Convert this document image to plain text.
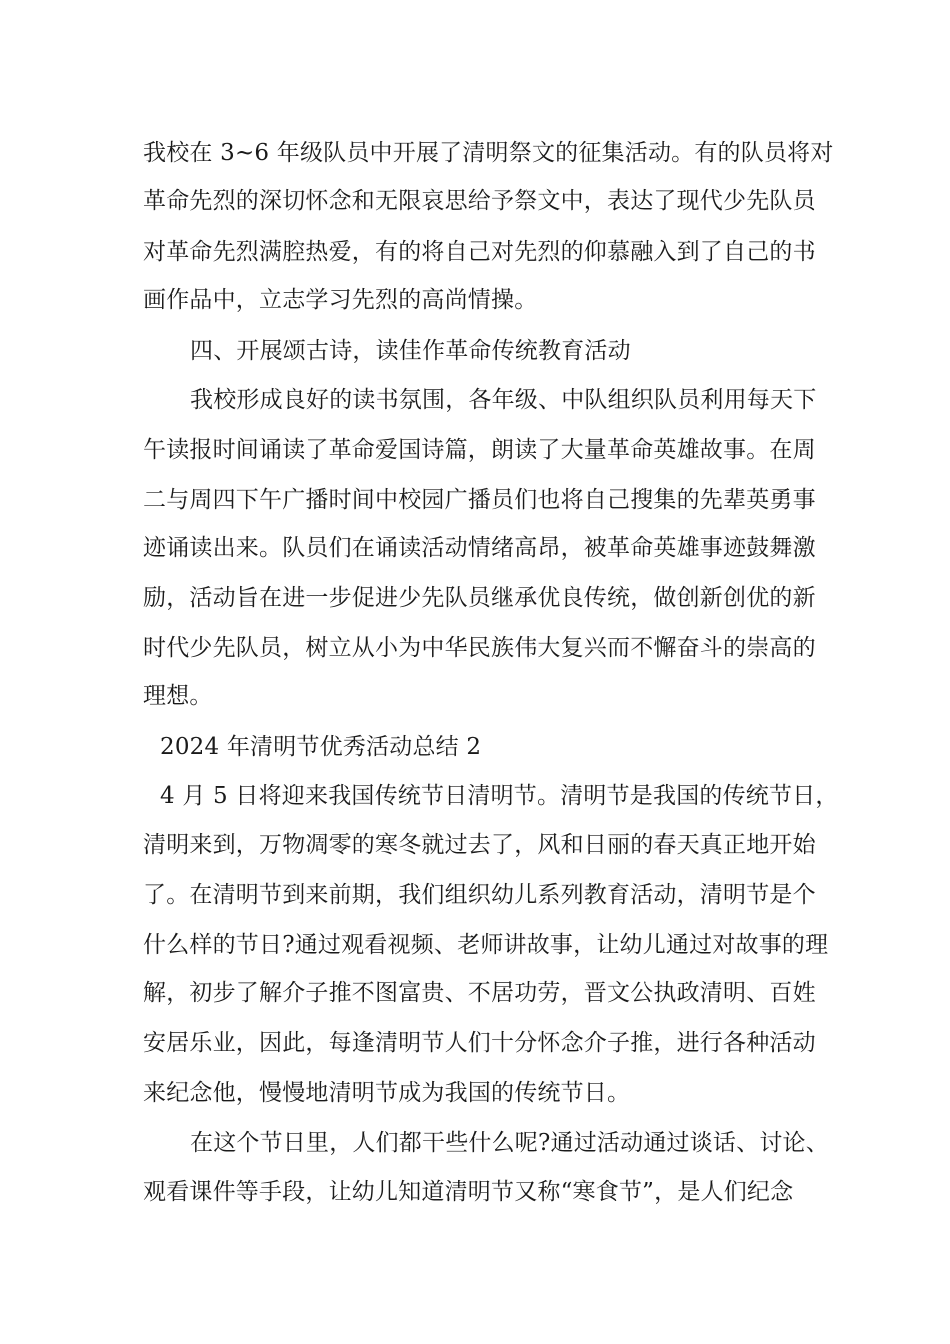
我校在 3~6 年级队员中开展了清明祭文的征集活动。有的队员将对
革命先烈的深切怀念和无限哀思给予祭文中，表达了现代少先队员
对革命先烈满腔热爱，有的将自己对先烈的仰慕融入到了自己的书
画作品中，立志学习先烈的高尚情操。
四、开展颂古诗，读佳作革命传统教育活动
我校形成良好的读书氛围，各年级、中队组织队员利用每天下
午读报时间诵读了革命爱国诗篇，朗读了大量革命英雄故事。在周
二与周四下午广播时间中校园广播员们也将自己搜集的先辈英勇事
迹诵读出来。队员们在诵读活动情绪高昂，被革命英雄事迹鼓舞激
励，活动旨在进一步促进少先队员继承优良传统，做创新创优的新
时代少先队员，树立从小为中华民族伟大复兴而不懈奋斗的崇高的
理想。
2024 年清明节优秀活动总结 2
4 月 5 日将迎来我国传统节日清明节。清明节是我国的传统节日，
清明来到，万物凋零的寒冬就过去了，风和日丽的春天真正地开始
了。在清明节到来前期，我们组织幼儿系列教育活动，清明节是个
什么样的节日?通过观看视频、老师讲故事，让幼儿通过对故事的理
解，初步了解介子推不图富贵、不居功劳，晋文公执政清明、百姓
安居乐业，因此，每逢清明节人们十分怀念介子推，进行各种活动
来纪念他，慢慢地清明节成为我国的传统节日。
在这个节日里，人们都干些什么呢?通过活动通过谈话、讨论、
观看课件等手段，让幼儿知道清明节又称“寒食节”，是人们纪念
